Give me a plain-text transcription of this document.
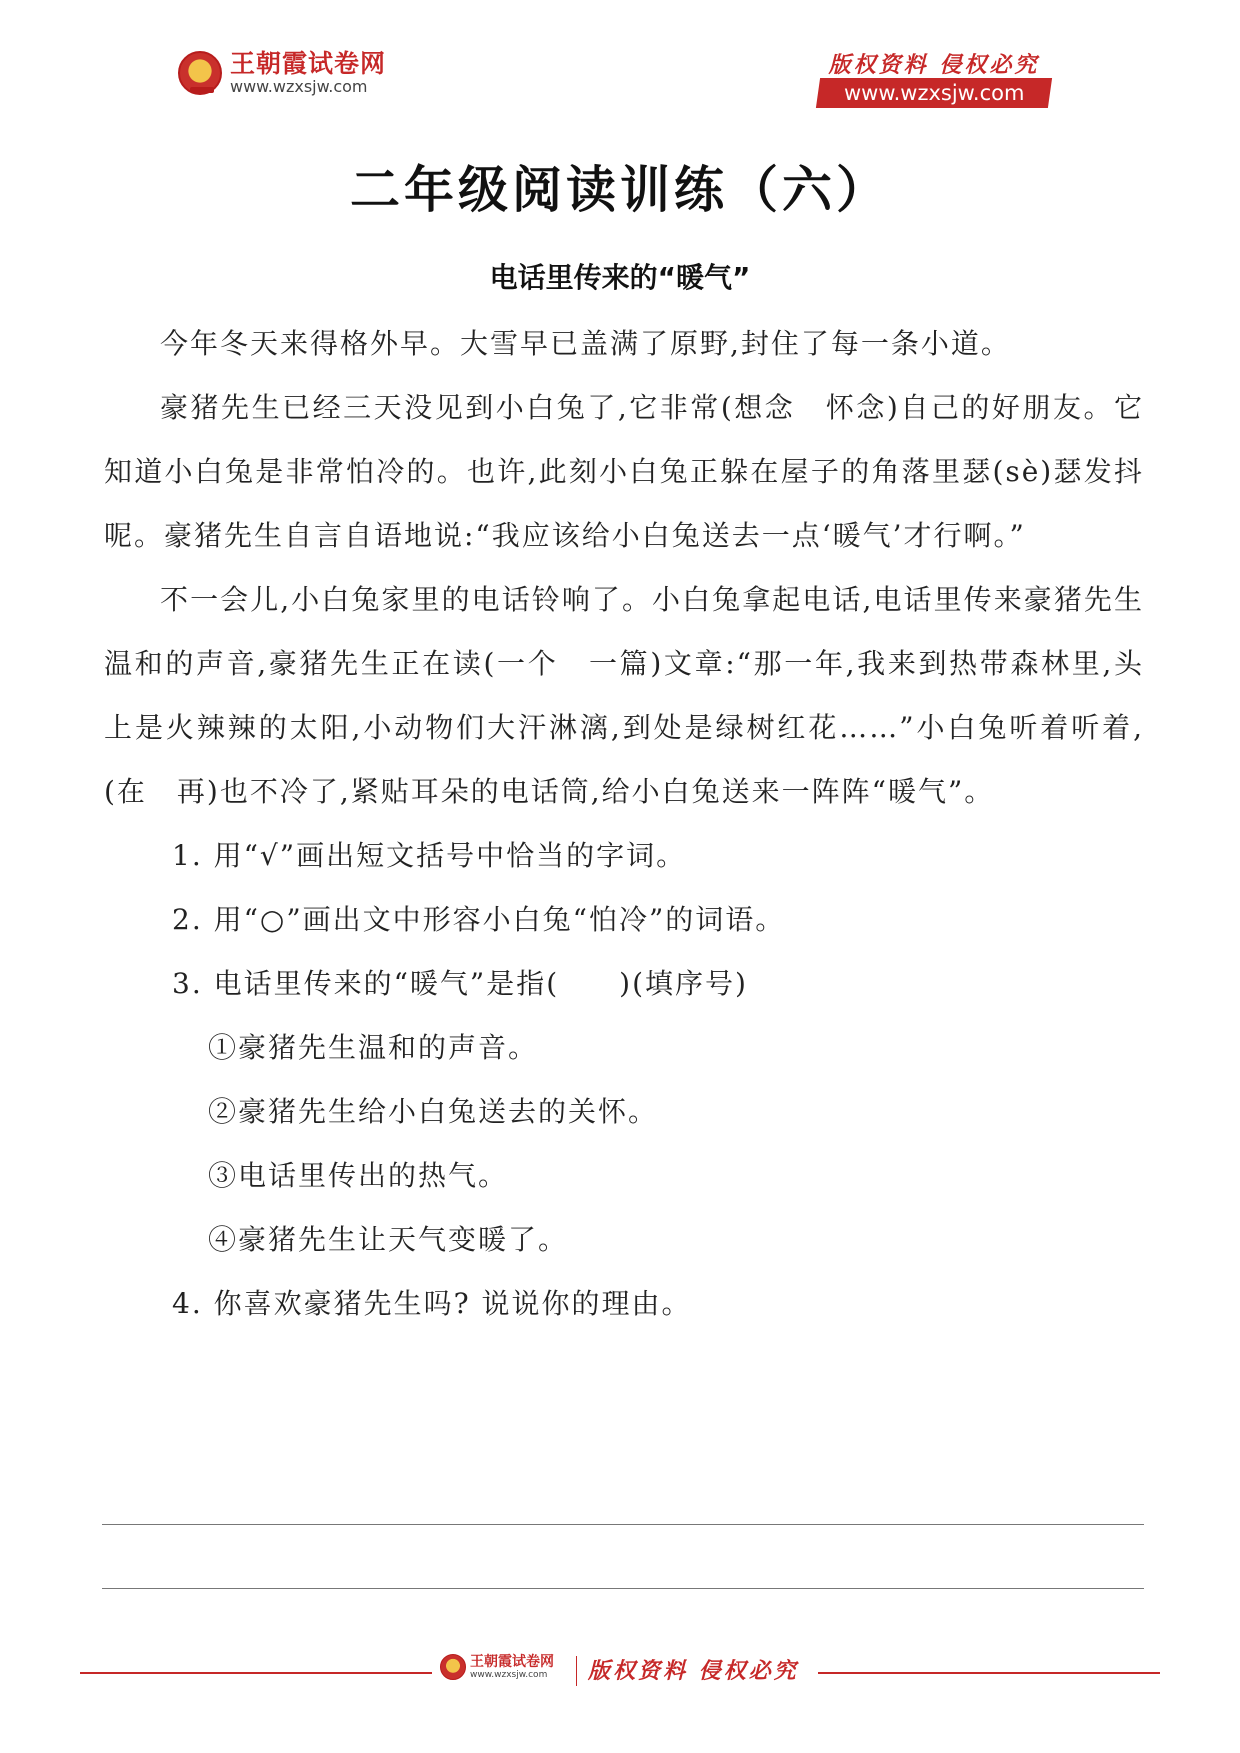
王朝霞试卷网
www.wzxsjw.com
版权资料 侵权必究
www.wzxsjw.com
二年级阅读训练（六）
电话里传来的“暖气”

今年冬天来得格外早。大雪早已盖满了原野,封住了每一条小道。

豪猪先生已经三天没见到小白兔了,它非常(想念　怀念)自己的好朋友。它知道小白兔是非常怕冷的。也许,此刻小白兔正躲在屋子的角落里瑟(sè)瑟发抖呢。豪猪先生自言自语地说:“我应该给小白兔送去一点‘暖气’才行啊。”

不一会儿,小白兔家里的电话铃响了。小白兔拿起电话,电话里传来豪猪先生温和的声音,豪猪先生正在读(一个　一篇)文章:“那一年,我来到热带森林里,头上是火辣辣的太阳,小动物们大汗淋漓,到处是绿树红花……”小白兔听着听着,(在　再)也不冷了,紧贴耳朵的电话筒,给小白兔送来一阵阵“暖气”。

1. 用“√”画出短文括号中恰当的字词。
2. 用“○”画出文中形容小白兔“怕冷”的词语。
3. 电话里传来的“暖气”是指(　　)(填序号)
①豪猪先生温和的声音。
②豪猪先生给小白兔送去的关怀。
③电话里传出的热气。
④豪猪先生让天气变暖了。
4. 你喜欢豪猪先生吗? 说说你的理由。
王朝霞试卷网
www.wzxsjw.com	版权资料 侵权必究
